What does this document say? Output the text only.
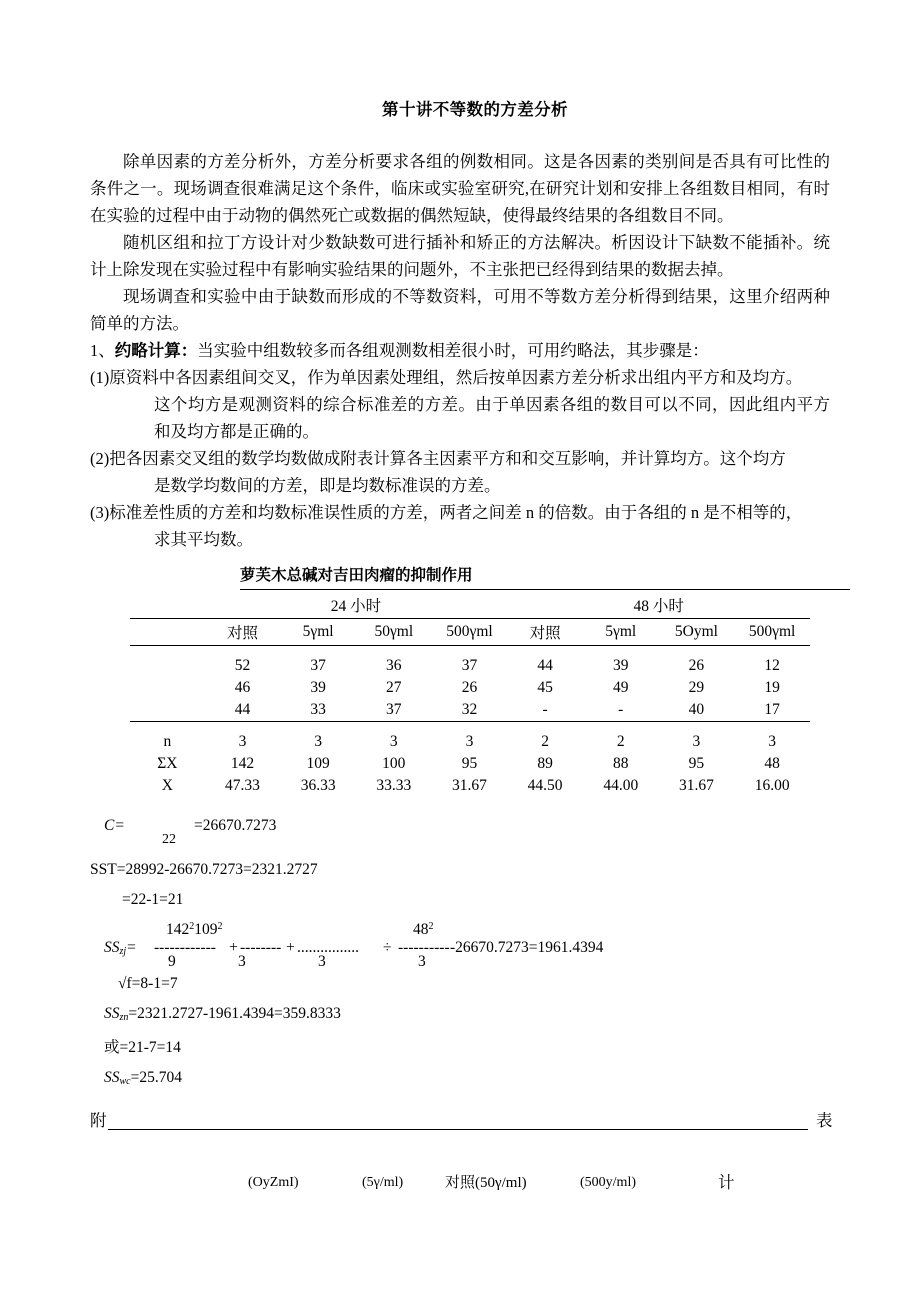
第十讲不等数的方差分析

除单因素的方差分析外，方差分析要求各组的例数相同。这是各因素的类别间是否具有可比性的条件之一。现场调查很难满足这个条件，临床或实验室研究,在研究计划和安排上各组数目相同，有时在实验的过程中由于动物的偶然死亡或数据的偶然短缺，使得最终结果的各组数目不同。

随机区组和拉丁方设计对少数缺数可进行插补和矫正的方法解决。析因设计下缺数不能插补。统计上除发现在实验过程中有影响实验结果的问题外，不主张把已经得到结果的数据去掉。

现场调查和实验中由于缺数而形成的不等数资料，可用不等数方差分析得到结果，这里介绍两种简单的方法。

1、约略计算：当实验中组数较多而各组观测数相差很小时，可用约略法，其步骤是：

(1)原资料中各因素组间交叉，作为单因素处理组，然后按单因素方差分析求出组内平方和及均方。

这个均方是观测资料的综合标准差的方差。由于单因素各组的数目可以不同，因此组内平方和及均方都是正确的。

(2)把各因素交叉组的数学均数做成附表计算各主因素平方和和交互影响，并计算均方。这个均方

是数学均数间的方差，即是均数标准误的方差。

(3)标准差性质的方差和均数标准误性质的方差，两者之间差 n 的倍数。由于各组的 n 是不相等的，

求其平均数。

萝芙木总碱对吉田肉瘤的抑制作用
	24 小时				48 小时			
	对照	5γml	50γml	500γml	对照	5γml	5Oyml	500γml

	52	37	36	37	44	39	26	12
	46	39	27	26	45	49	29	19
	44	33	37	32	-	-	40	17

n	3	3	3	3	2	2	3	3
ΣX	142	109	100	95	89	88	95	48
X	47.33	36.33	33.33	31.67	44.50	44.00	31.67	16.00

C=

22

=26670.7273

SST=28992-26670.7273=2321.2727
=22-1=21
SSzj=
$142^2109^2$
------------
9
+ --------
3
+ ................
3
÷
$48^2$
----------
3
-26670.7273=1961.4394
√f=8-1=7
SSzn=2321.2727-1961.4394=359.8333
或=21-7=14
SSwc=25.704
附	表
(OyZmI)	(5γ/ml)	对照(50γ/ml)	(500y/ml)	计
